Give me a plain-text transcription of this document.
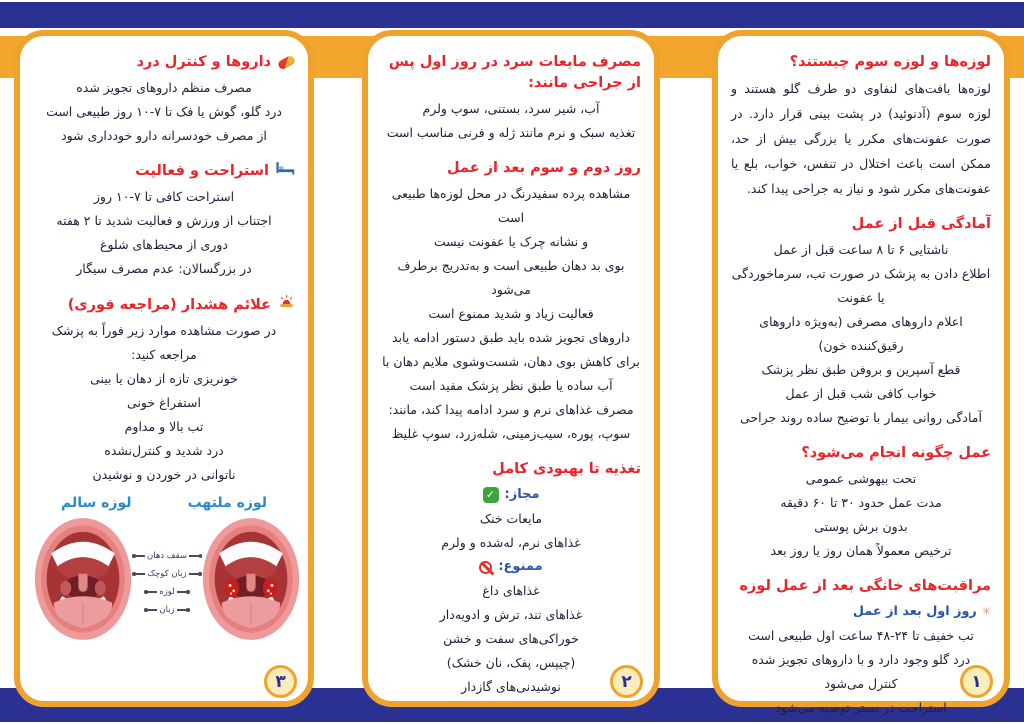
لوزه‌ها و لوزه سوم چیستند؟

لوزه‌ها بافت‌های لنفاوی دو طرف گلو هستند و لوزه سوم (آدنوئید) در پشت بینی قرار دارد. در صورت عفونت‌های مکرر یا بزرگی بیش از حد، ممکن است باعث اختلال در تنفس، خواب، بلع یا عفونت‌های مکرر شود و نیاز به جراحی پیدا کند.

آمادگی قبل از عمل
ناشتایی ۶ تا ۸ ساعت قبل از عمل
اطلاع دادن به پزشک در صورت تب، سرماخوردگی یا عفونت
اعلام داروهای مصرفی (به‌ویژه داروهای رقیق‌کننده خون)
قطع آسپرین و بروفن طبق نظر پزشک
خواب کافی شب قبل از عمل
آمادگی روانی بیمار با توضیح ساده روند جراحی
عمل چگونه انجام می‌شود؟
تحت بیهوشی عمومی
مدت عمل حدود ۳۰ تا ۶۰ دقیقه
بدون برش پوستی
ترخیص معمولاً همان روز یا روز بعد
مراقبت‌های خانگی بعد از عمل لوزه
✳
روز اول بعد از عمل
تب خفیف تا ۲۴-۴۸ ساعت اول طبیعی است
درد گلو وجود دارد و با داروهای تجویز شده
کنترل می‌شود
استراحت در بستر توصیه می‌شود
۱
مصرف مایعات سرد در روز اول پس از جراحی مانند:
آب، شیر سرد، بستنی، سوپ ولرم
تغذیه سبک و نرم مانند ژله و فرنی مناسب است
روز دوم و سوم بعد از عمل
مشاهده پرده سفیدرنگ در محل لوزه‌ها طبیعی است
و نشانه چرک یا عفونت نیست
بوی بد دهان طبیعی است و به‌تدریج برطرف می‌شود
فعالیت زیاد و شدید ممنوع است
داروهای تجویز شده باید طبق دستور ادامه یابد
برای کاهش بوی دهان، شست‌وشوی ملایم دهان با
آب ساده یا طبق نظر پزشک مفید است
مصرف غذاهای نرم و سرد ادامه پیدا کند، مانند:
سوپ، پوره، سیب‌زمینی، شله‌زرد، سوپ غلیظ
تغذیه تا بهبودی کامل
مجاز:
✓
مایعات خنک
غذاهای نرم، له‌شده و ولرم
ممنوع:
غذاهای داغ
غذاهای تند، ترش و ادویه‌دار
خوراکی‌های سفت و خشن
(چیپس، پفک، نان خشک)
نوشیدنی‌های گازدار	۲
داروها و کنترل درد
مصرف منظم داروهای تجویز شده
درد گلو، گوش یا فک تا ۷-۱۰ روز طبیعی است
از مصرف خودسرانه دارو خودداری شود
استراحت و فعالیت
استراحت کافی تا ۷-۱۰ روز
اجتناب از ورزش و فعالیت شدید تا ۲ هفته
دوری از محیط‌های شلوغ
در بزرگسالان: عدم مصرف سیگار
علائم هشدار (مراجعه فوری)
در صورت مشاهده موارد زیر فوراً به پزشک
مراجعه کنید:
خونریزی تازه از دهان یا بینی
استفراغ خونی
تب بالا و مداوم
درد شدید و کنترل‌نشده
ناتوانی در خوردن و نوشیدن
لوزه سالم	لوزه ملتهب
سقف دهان
زبان کوچک
لوزه
زبان
۳
